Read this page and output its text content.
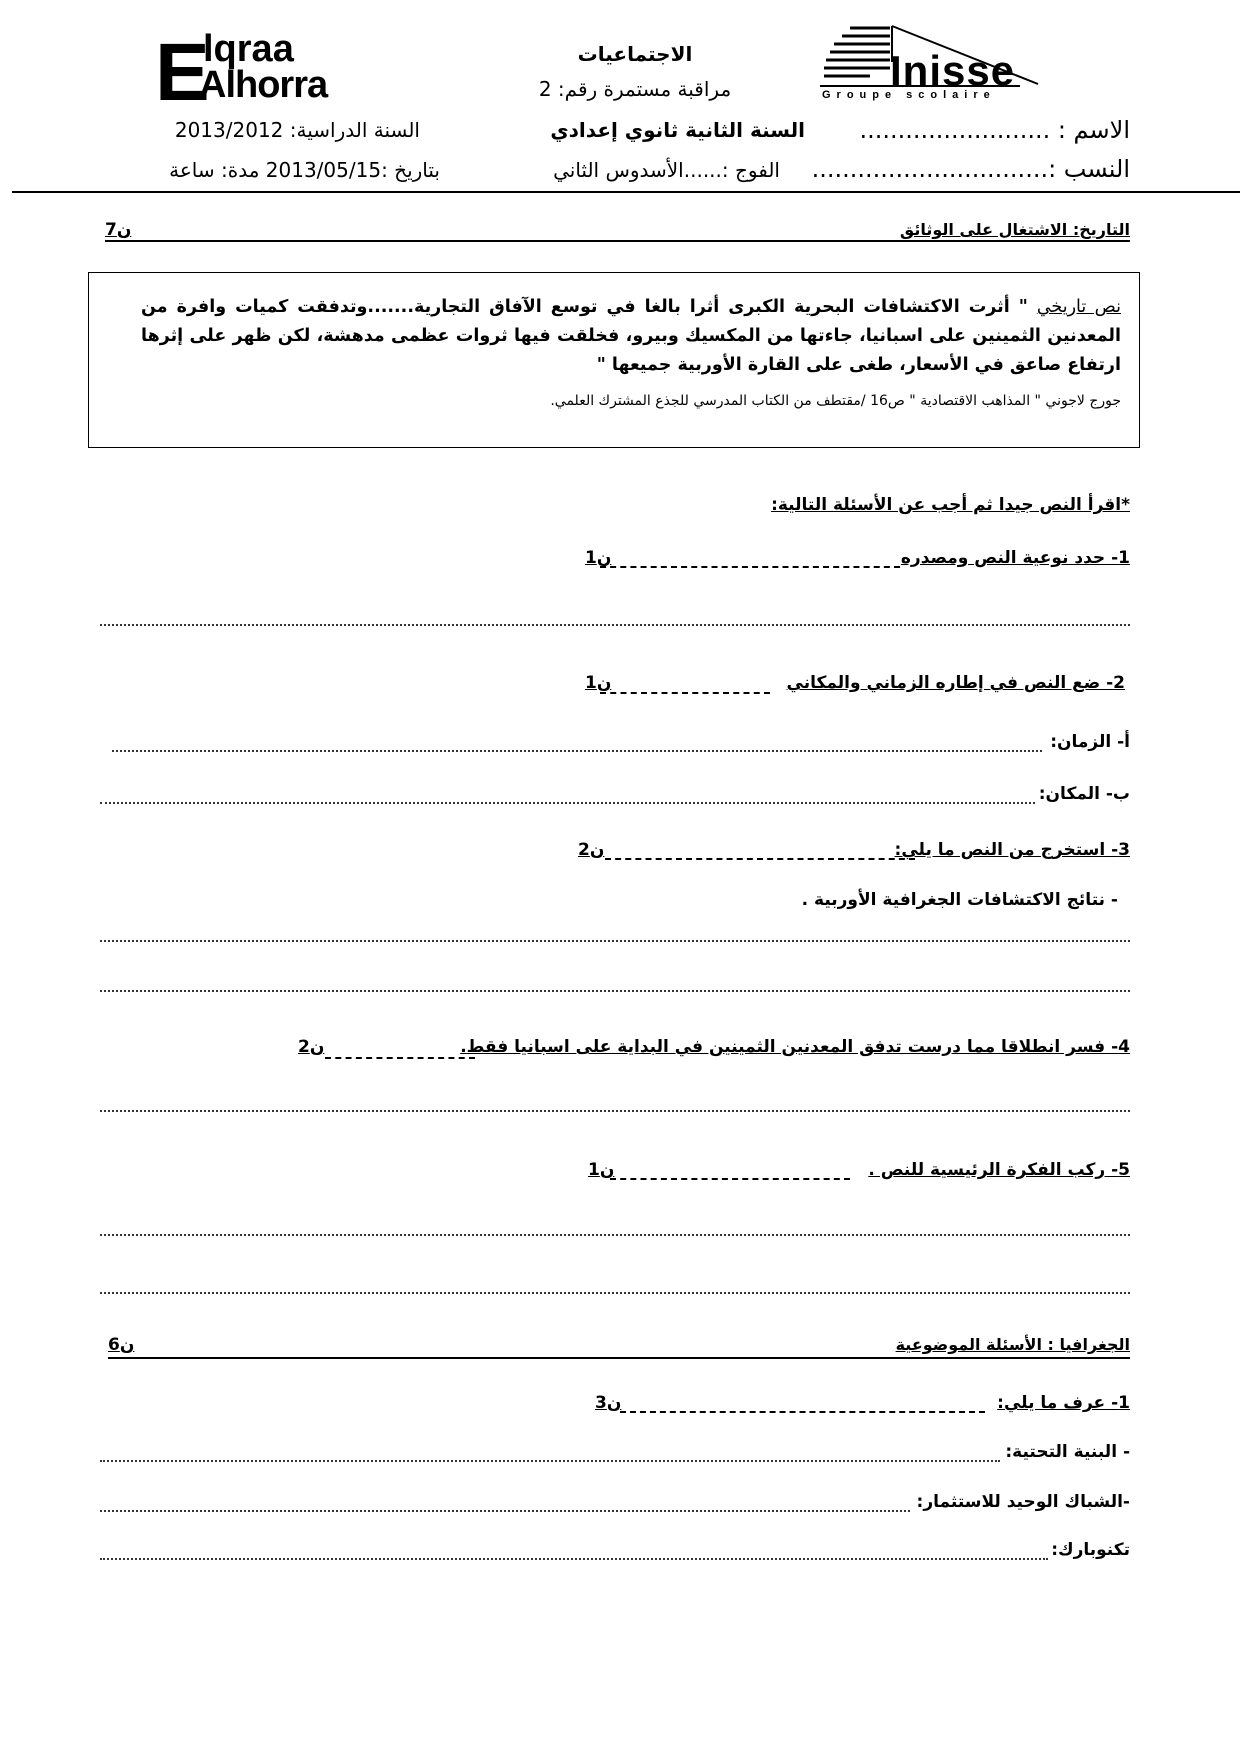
E
lqraa
Alhorra	Inisse
Groupe scolaire
الاجتماعيات
مراقبة مستمرة رقم: 2
السنة الثانية ثانوي إعدادي
السنة الدراسية: 2013/2012	الاسم : .........................
النسب :...............................
الفوج :......الأسدوس الثاني
بتاريخ :2013/05/15 مدة: ساعة
التاريخ: الاشتغال على الوثائق
7ن
نص تاريخي " أثرت الاكتشافات البحرية الكبرى أثرا بالغا في توسع الآفاق التجارية.......وتدفقت كميات وافرة من المعدنين الثمينين على اسبانيا، جاءتها من المكسيك وبيرو، فخلقت فيها ثروات عظمى مدهشة، لكن ظهر على إثرها ارتفاع صاعق في الأسعار، طغى على القارة الأوربية جميعها "
جورج لاجوني " المذاهب الاقتصادية " ص16 /مقتطف من الكتاب المدرسي للجذع المشترك العلمي.
*اقرأ النص جيدا ثم أجب عن الأسئلة التالية:
1- حدد نوعية النص ومصدره
1ن
2- ضع النص في إطاره الزماني والمكاني
1ن
أ- الزمان:
ب- المكان:
3- استخرج من النص ما يلي:
2ن
- نتائج الاكتشافات الجغرافية الأوربية .
4- فسر انطلاقا مما درست تدفق المعدنين الثمينين في البداية على اسبانيا فقط.
2ن
5- ركب الفكرة الرئيسية للنص .
1ن
الجغرافيا : الأسئلة الموضوعية
6ن
1- عرف ما يلي:
3ن
- البنية التحتية:
-الشباك الوحيد للاستثمار:
تكنوبارك:
